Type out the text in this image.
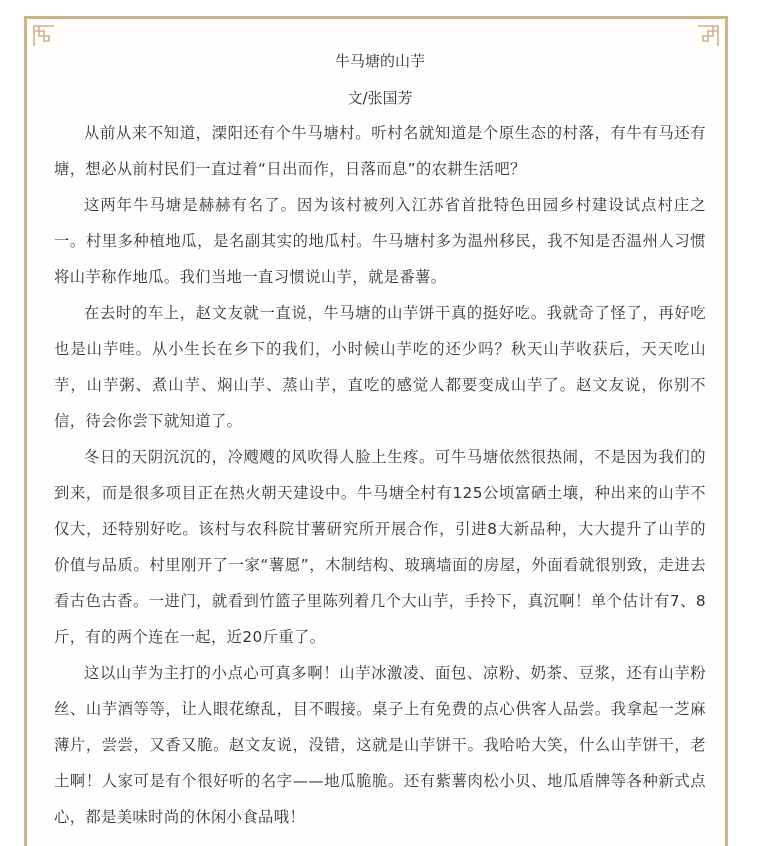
牛马塘的山芋
文/张国芳

从前从来不知道，溧阳还有个牛马塘村。听村名就知道是个原生态的村落，有牛有马还有塘，想必从前村民们一直过着“日出而作，日落而息”的农耕生活吧？

这两年牛马塘是赫赫有名了。因为该村被列入江苏省首批特色田园乡村建设试点村庄之一。村里多种植地瓜，是名副其实的地瓜村。牛马塘村多为温州移民，我不知是否温州人习惯将山芋称作地瓜。我们当地一直习惯说山芋，就是番薯。

在去时的车上，赵文友就一直说，牛马塘的山芋饼干真的挺好吃。我就奇了怪了，再好吃也是山芋哇。从小生长在乡下的我们，小时候山芋吃的还少吗？秋天山芋收获后，天天吃山芋，山芋粥、煮山芋、焖山芋、蒸山芋，直吃的感觉人都要变成山芋了。赵文友说，你别不信，待会你尝下就知道了。

冬日的天阴沉沉的，冷飕飕的风吹得人脸上生疼。可牛马塘依然很热闹，不是因为我们的到来，而是很多项目正在热火朝天建设中。牛马塘全村有125公顷富硒土壤，种出来的山芋不仅大，还特别好吃。该村与农科院甘薯研究所开展合作，引进8大新品种，大大提升了山芋的价值与品质。村里刚开了一家“薯愿”，木制结构、玻璃墙面的房屋，外面看就很别致，走进去看古色古香。一进门，就看到竹篮子里陈列着几个大山芋，手拎下，真沉啊！单个估计有7、8斤，有的两个连在一起，近20斤重了。

这以山芋为主打的小点心可真多啊！山芋冰激凌、面包、凉粉、奶茶、豆浆，还有山芋粉丝、山芋酒等等，让人眼花缭乱，目不暇接。桌子上有免费的点心供客人品尝。我拿起一芝麻薄片，尝尝，又香又脆。赵文友说，没错，这就是山芋饼干。我哈哈大笑，什么山芋饼干，老土啊！人家可是有个很好听的名字——地瓜脆脆。还有紫薯肉松小贝、地瓜盾牌等各种新式点心，都是美味时尚的休闲小食品哦！
